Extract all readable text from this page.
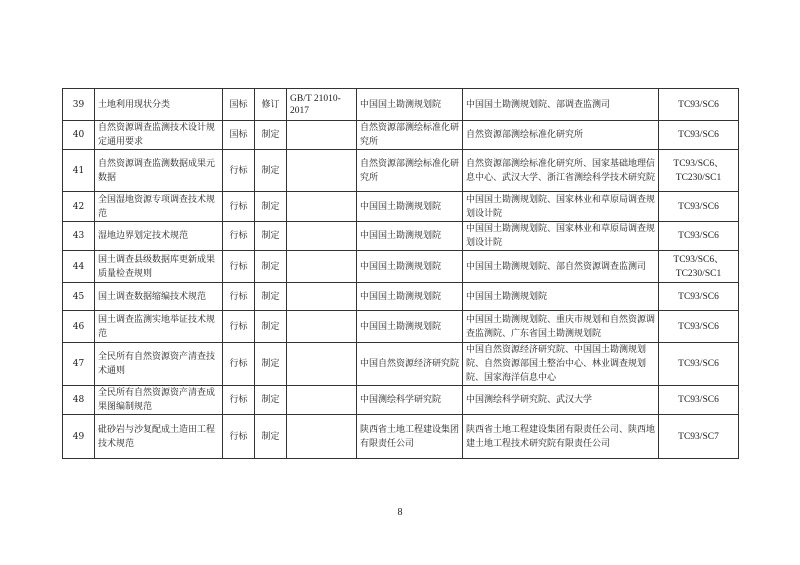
39	土地利用现状分类	国标	修订	GB/T 21010-2017	中国国土勘测规划院	中国国土勘测规划院、部调查监测司	TC93/SC6
40	自然资源调查监测技术设计规定通用要求	国标	制定		自然资源部测绘标准化研究所	自然资源部测绘标准化研究所	TC93/SC6
41	自然资源调查监测数据成果元数据	行标	制定		自然资源部测绘标准化研究所	自然资源部测绘标准化研究所、国家基础地理信息中心、武汉大学、浙江省测绘科学技术研究院	TC93/SC6、TC230/SC1
42	全国湿地资源专项调查技术规范	行标	制定		中国国土勘测规划院	中国国土勘测规划院、国家林业和草原局调查规划设计院	TC93/SC6
43	湿地边界划定技术规范	行标	制定		中国国土勘测规划院	中国国土勘测规划院、国家林业和草原局调查规划设计院	TC93/SC6
44	国土调查县级数据库更新成果质量检查规则	行标	制定		中国国土勘测规划院	中国国土勘测规划院、部自然资源调查监测司	TC93/SC6、TC230/SC1
45	国土调查数据缩编技术规范	行标	制定		中国国土勘测规划院	中国国土勘测规划院	TC93/SC6
46	国土调查监测实地举证技术规范	行标	制定		中国国土勘测规划院	中国国土勘测规划院、重庆市规划和自然资源调查监测院、广东省国土勘测规划院	TC93/SC6
47	全民所有自然资源资产清查技术通则	行标	制定		中国自然资源经济研究院	中国自然资源经济研究院、中国国土勘测规划院、自然资源部国土整治中心、林业调查规划院、国家海洋信息中心	TC93/SC6
48	全民所有自然资源资产清查成果图编制规范	行标	制定		中国测绘科学研究院	中国测绘科学研究院、武汉大学	TC93/SC6
49	砒砂岩与沙复配成土造田工程技术规范	行标	制定		陕西省土地工程建设集团有限责任公司	陕西省土地工程建设集团有限责任公司、陕西地建土地工程技术研究院有限责任公司	TC93/SC7
8
